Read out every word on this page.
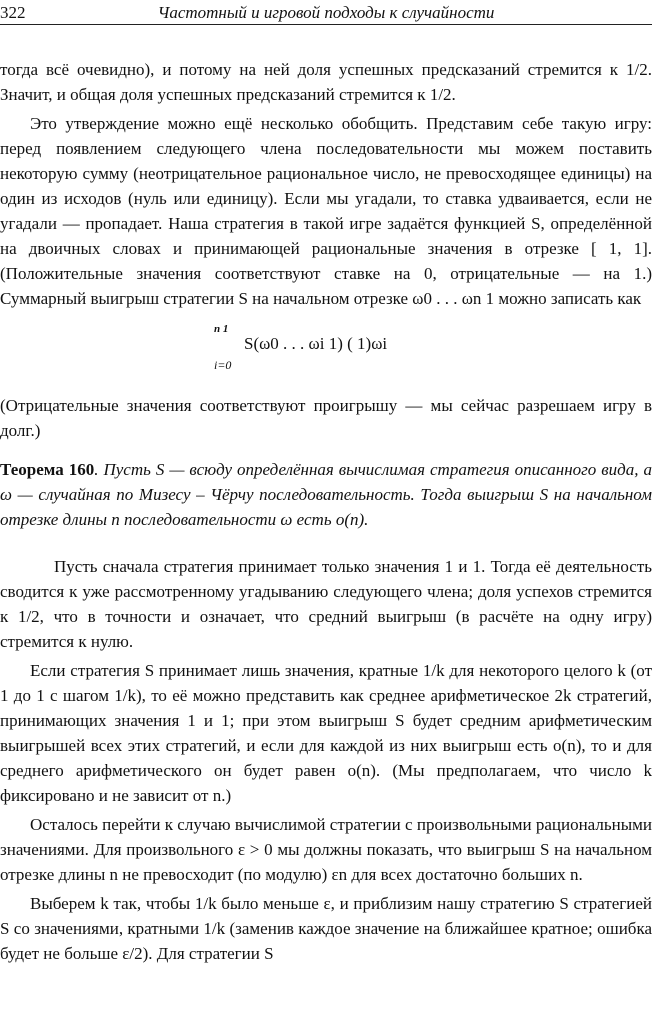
322	Частотный и игровой подходы к случайности

тогда всё очевидно), и потому на ней доля успешных предсказаний стремится к 1/2. Значит, и общая доля успешных предсказаний стремится к 1/2.

Это утверждение можно ещё несколько обобщить. Представим себе такую игру: перед появлением следующего члена последовательности мы можем поставить некоторую сумму (неотрицательное рациональное число, не превосходящее единицы) на один из исходов (нуль или единицу). Если мы угадали, то ставка удваивается, если не угадали — пропадает. Наша стратегия в такой игре задаётся функцией S, определённой на двоичных словах и принимающей рациональные значения в отрезке [ 1, 1]. (Положительные значения соответствуют ставке на 0, отрицательные — на 1.) Суммарный выигрыш стратегии S на начальном отрезке ω0 . . . ωn 1 можно записать как

n 1
S(ω0 . . . ωi 1) ( 1)ωi
i=0

(Отрицательные значения соответствуют проигрышу — мы сейчас разрешаем игру в долг.)

Теорема 160. Пусть S — всюду определённая вычислимая стратегия описанного вида, а ω — случайная по Мизесу – Чёрчу последовательность. Тогда выигрыш S на начальном отрезке длины n последовательности ω есть o(n).

Пусть сначала стратегия принимает только значения 1 и 1. Тогда её деятельность сводится к уже рассмотренному угадыванию следующего члена; доля успехов стремится к 1/2, что в точности и означает, что средний выигрыш (в расчёте на одну игру) стремится к нулю.

Если стратегия S принимает лишь значения, кратные 1/k для некоторого целого k (от 1 до 1 с шагом 1/k), то её можно представить как среднее арифметическое 2k стратегий, принимающих значения 1 и 1; при этом выигрыш S будет средним арифметическим выигрышей всех этих стратегий, и если для каждой из них выигрыш есть o(n), то и для среднего арифметического он будет равен o(n). (Мы предполагаем, что число k фиксировано и не зависит от n.)

Осталось перейти к случаю вычислимой стратегии с произвольными рациональными значениями. Для произвольного ε > 0 мы должны показать, что выигрыш S на начальном отрезке длины n не превосходит (по модулю) εn для всех достаточно больших n.

Выберем k так, чтобы 1/k было меньше ε, и приблизим нашу стратегию S стратегией S со значениями, кратными 1/k (заменив каждое значение на ближайшее кратное; ошибка будет не больше ε/2). Для стратегии S
